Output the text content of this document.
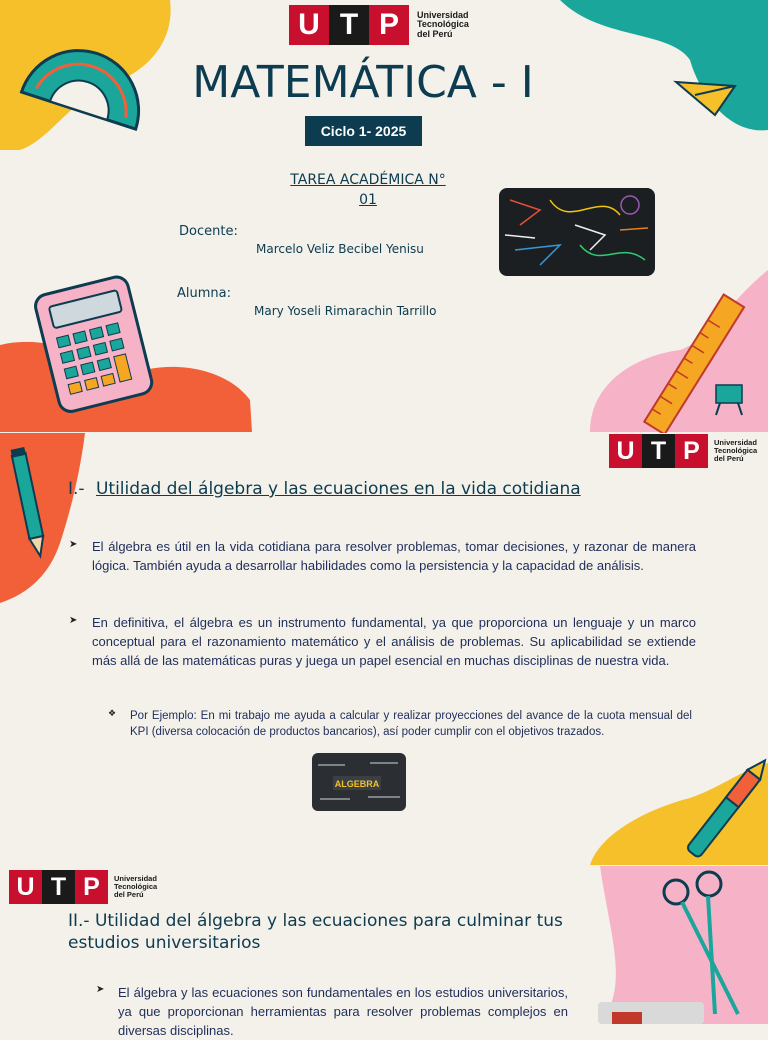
U T P	Universidad
Tecnológica
del Perú
MATEMÁTICA - I
Ciclo 1- 2025
TAREA ACADÉMICA N°
01
Docente:
Marcelo Veliz Becibel Yenisu
Alumna:
Mary Yoseli Rimarachin Tarrillo
ALGEBRA
U T P	Universidad
Tecnológica
del Perú
I.- Utilidad del álgebra y las ecuaciones en la vida cotidiana
➤ El álgebra es útil en la vida cotidiana para resolver problemas, tomar decisiones, y razonar de manera lógica. También ayuda a desarrollar habilidades como la persistencia y la capacidad de análisis.
➤ En definitiva, el álgebra es un instrumento fundamental, ya que proporciona un lenguaje y un marco conceptual para el razonamiento matemático y el análisis de problemas. Su aplicabilidad se extiende más allá de las matemáticas puras y juega un papel esencial en muchas disciplinas de nuestra vida.
❖ Por Ejemplo: En mi trabajo me ayuda a calcular y realizar proyecciones del avance de la cuota mensual del KPI (diversa colocación de productos bancarios), así poder cumplir con el objetivos trazados.
U T P	Universidad
Tecnológica
del Perú
II.- Utilidad del álgebra y las ecuaciones para culminar tus estudios universitarios
➤ El álgebra y las ecuaciones son fundamentales en los estudios universitarios, ya que proporcionan herramientas para resolver problemas complejos en diversas disciplinas.
